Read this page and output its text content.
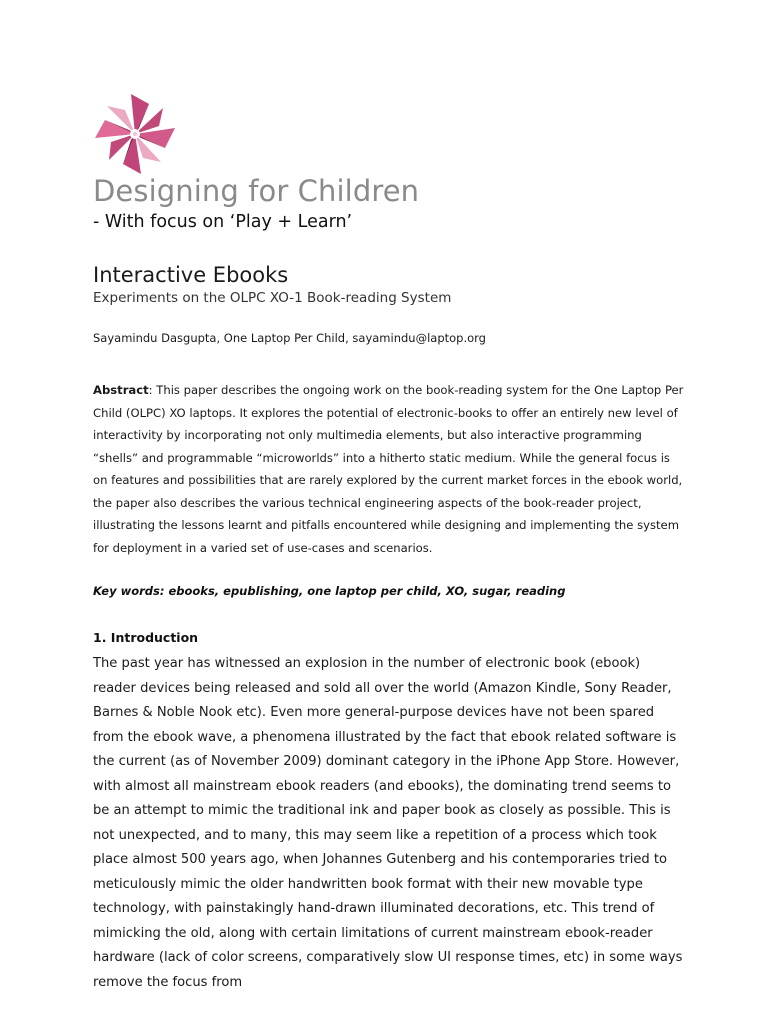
Designing for Children
- With focus on ‘Play + Learn’
Interactive Ebooks
Experiments on the OLPC XO-1 Book-reading System
Sayamindu Dasgupta, One Laptop Per Child, sayamindu@laptop.org
Abstract: This paper describes the ongoing work on the book-reading system for the One Laptop Per Child (OLPC) XO laptops. It explores the potential of electronic-books to offer an entirely new level of interactivity by incorporating not only multimedia elements, but also interactive programming “shells” and programmable “microworlds” into a hitherto static medium. While the general focus is on features and possibilities that are rarely explored by the current market forces in the ebook world, the paper also describes the various technical engineering aspects of the book-reader project, illustrating the lessons learnt and pitfalls encountered while designing and implementing the system for deployment in a varied set of use-cases and scenarios.
Key words: ebooks, epublishing, one laptop per child, XO, sugar, reading
1. Introduction
The past year has witnessed an explosion in the number of electronic book (ebook) reader devices being released and sold all over the world (Amazon Kindle, Sony Reader, Barnes & Noble Nook etc). Even more general-purpose devices have not been spared from the ebook wave, a phenomena illustrated by the fact that ebook related software is the current (as of November 2009) dominant category in the iPhone App Store. However, with almost all mainstream ebook readers (and ebooks), the dominating trend seems to be an attempt to mimic the traditional ink and paper book as closely as possible. This is not unexpected, and to many, this may seem like a repetition of a process which took place almost 500 years ago, when Johannes Gutenberg and his contemporaries tried to meticulously mimic the older handwritten book format with their new movable type technology, with painstakingly hand-drawn illuminated decorations, etc. This trend of mimicking the old, along with certain limitations of current mainstream ebook-reader hardware (lack of color screens, comparatively slow UI response times, etc) in some ways remove the focus from
